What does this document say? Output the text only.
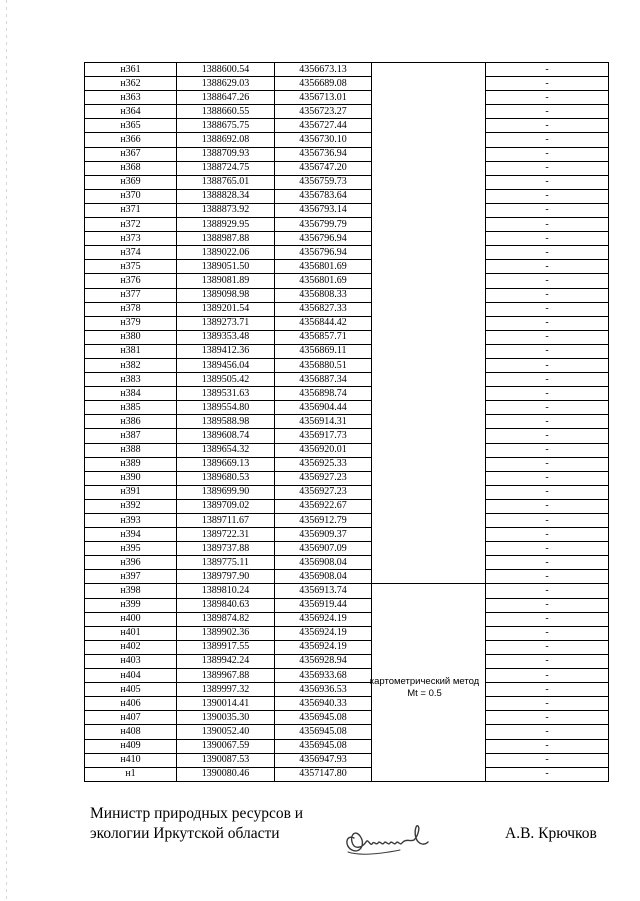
н361	1388600.54	4356673.13		-
н362	1388629.03	4356689.08		-
н363	1388647.26	4356713.01		-
н364	1388660.55	4356723.27		-
н365	1388675.75	4356727.44		-
н366	1388692.08	4356730.10		-
н367	1388709.93	4356736.94		-
н368	1388724.75	4356747.20		-
н369	1388765.01	4356759.73		-
н370	1388828.34	4356783.64		-
н371	1388873.92	4356793.14		-
н372	1388929.95	4356799.79		-
н373	1388987.88	4356796.94		-
н374	1389022.06	4356796.94		-
н375	1389051.50	4356801.69		-
н376	1389081.89	4356801.69		-
н377	1389098.98	4356808.33		-
н378	1389201.54	4356827.33		-
н379	1389273.71	4356844.42		-
н380	1389353.48	4356857.71		-
н381	1389412.36	4356869.11		-
н382	1389456.04	4356880.51		-
н383	1389505.42	4356887.34		-
н384	1389531.63	4356898.74		-
н385	1389554.80	4356904.44		-
н386	1389588.98	4356914.31		-
н387	1389608.74	4356917.73		-
н388	1389654.32	4356920.01		-
н389	1389669.13	4356925.33		-
н390	1389680.53	4356927.23		-
н391	1389699.90	4356927.23		-
н392	1389709.02	4356922.67		-
н393	1389711.67	4356912.79		-
н394	1389722.31	4356909.37		-
н395	1389737.88	4356907.09		-
н396	1389775.11	4356908.04		-
н397	1389797.90	4356908.04		-
н398	1389810.24	4356913.74		-
н399	1389840.63	4356919.44		-
н400	1389874.82	4356924.19		-
н401	1389902.36	4356924.19		-
н402	1389917.55	4356924.19		-
н403	1389942.24	4356928.94		-
н404	1389967.88	4356933.68		-
н405	1389997.32	4356936.53		-
н406	1390014.41	4356940.33		-
н407	1390035.30	4356945.08		-
н408	1390052.40	4356945.08		-
н409	1390067.59	4356945.08		-
н410	1390087.53	4356947.93		-
н1	1390080.46	4357147.80		-
картометрический метод Mt = 0.5
Министр природных ресурсов и
экологии Иркутской области	А.В. Крючков
